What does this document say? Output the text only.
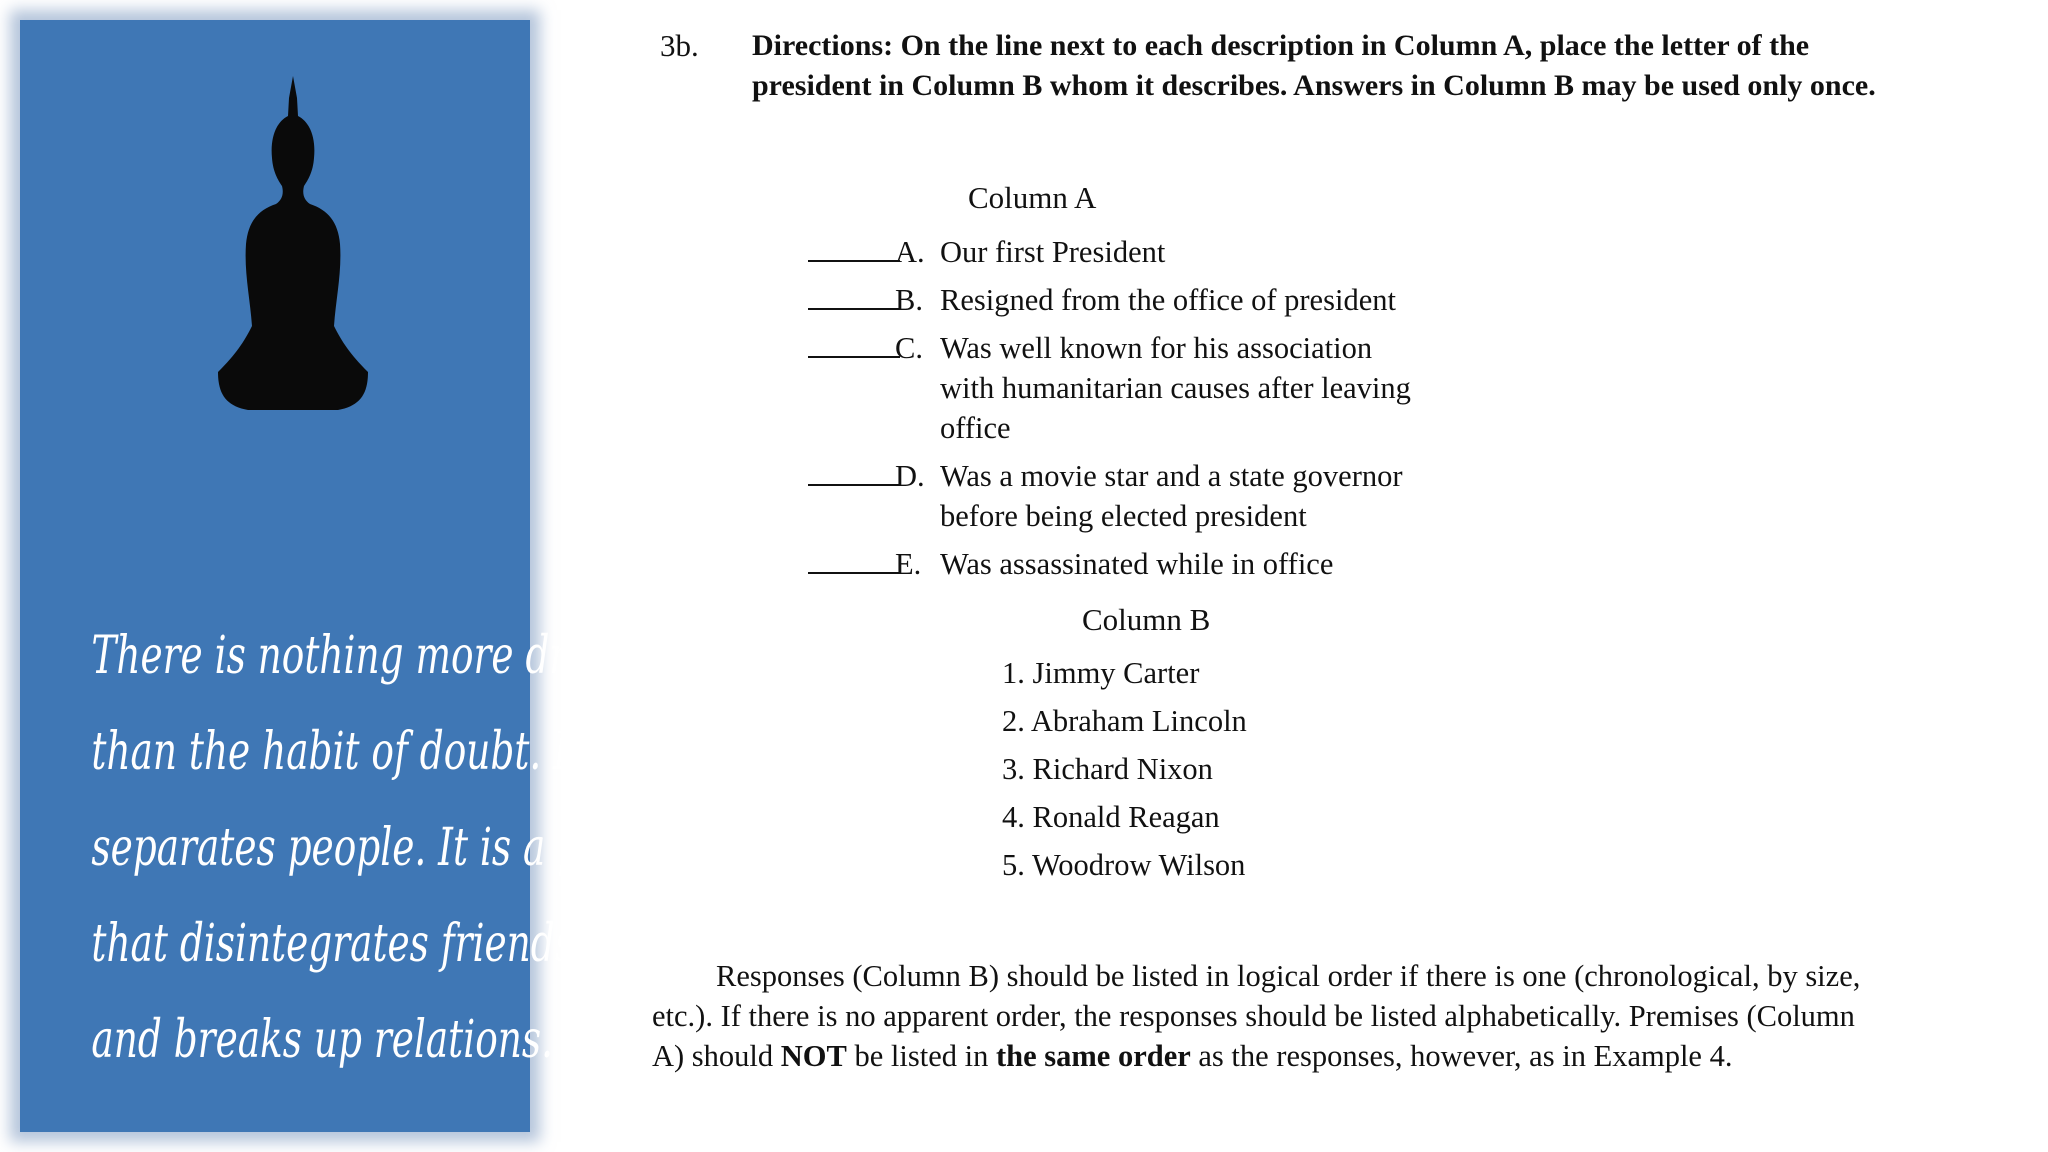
There is nothing more dreadful
than the habit of doubt. Doubt
separates people. It is a poison
that disintegrates friendships
and breaks up relations.
3b. Directions: On the line next to each description in Column A, place the letter of the president in Column B whom it describes. Answers in Column B may be used only once.
Column A
A. Our first President
B. Resigned from the office of president
C. Was well known for his association
with humanitarian causes after leaving
office
D. Was a movie star and a state governor
before being elected president
E. Was assassinated while in office
Column B
1. Jimmy Carter
2. Abraham Lincoln
3. Richard Nixon
4. Ronald Reagan
5. Woodrow Wilson
Responses (Column B) should be listed in logical order if there is one (chronological, by size, etc.). If there is no apparent order, the responses should be listed alphabetically. Premises (Column A) should NOT be listed in the same order as the responses, however, as in Example 4.
